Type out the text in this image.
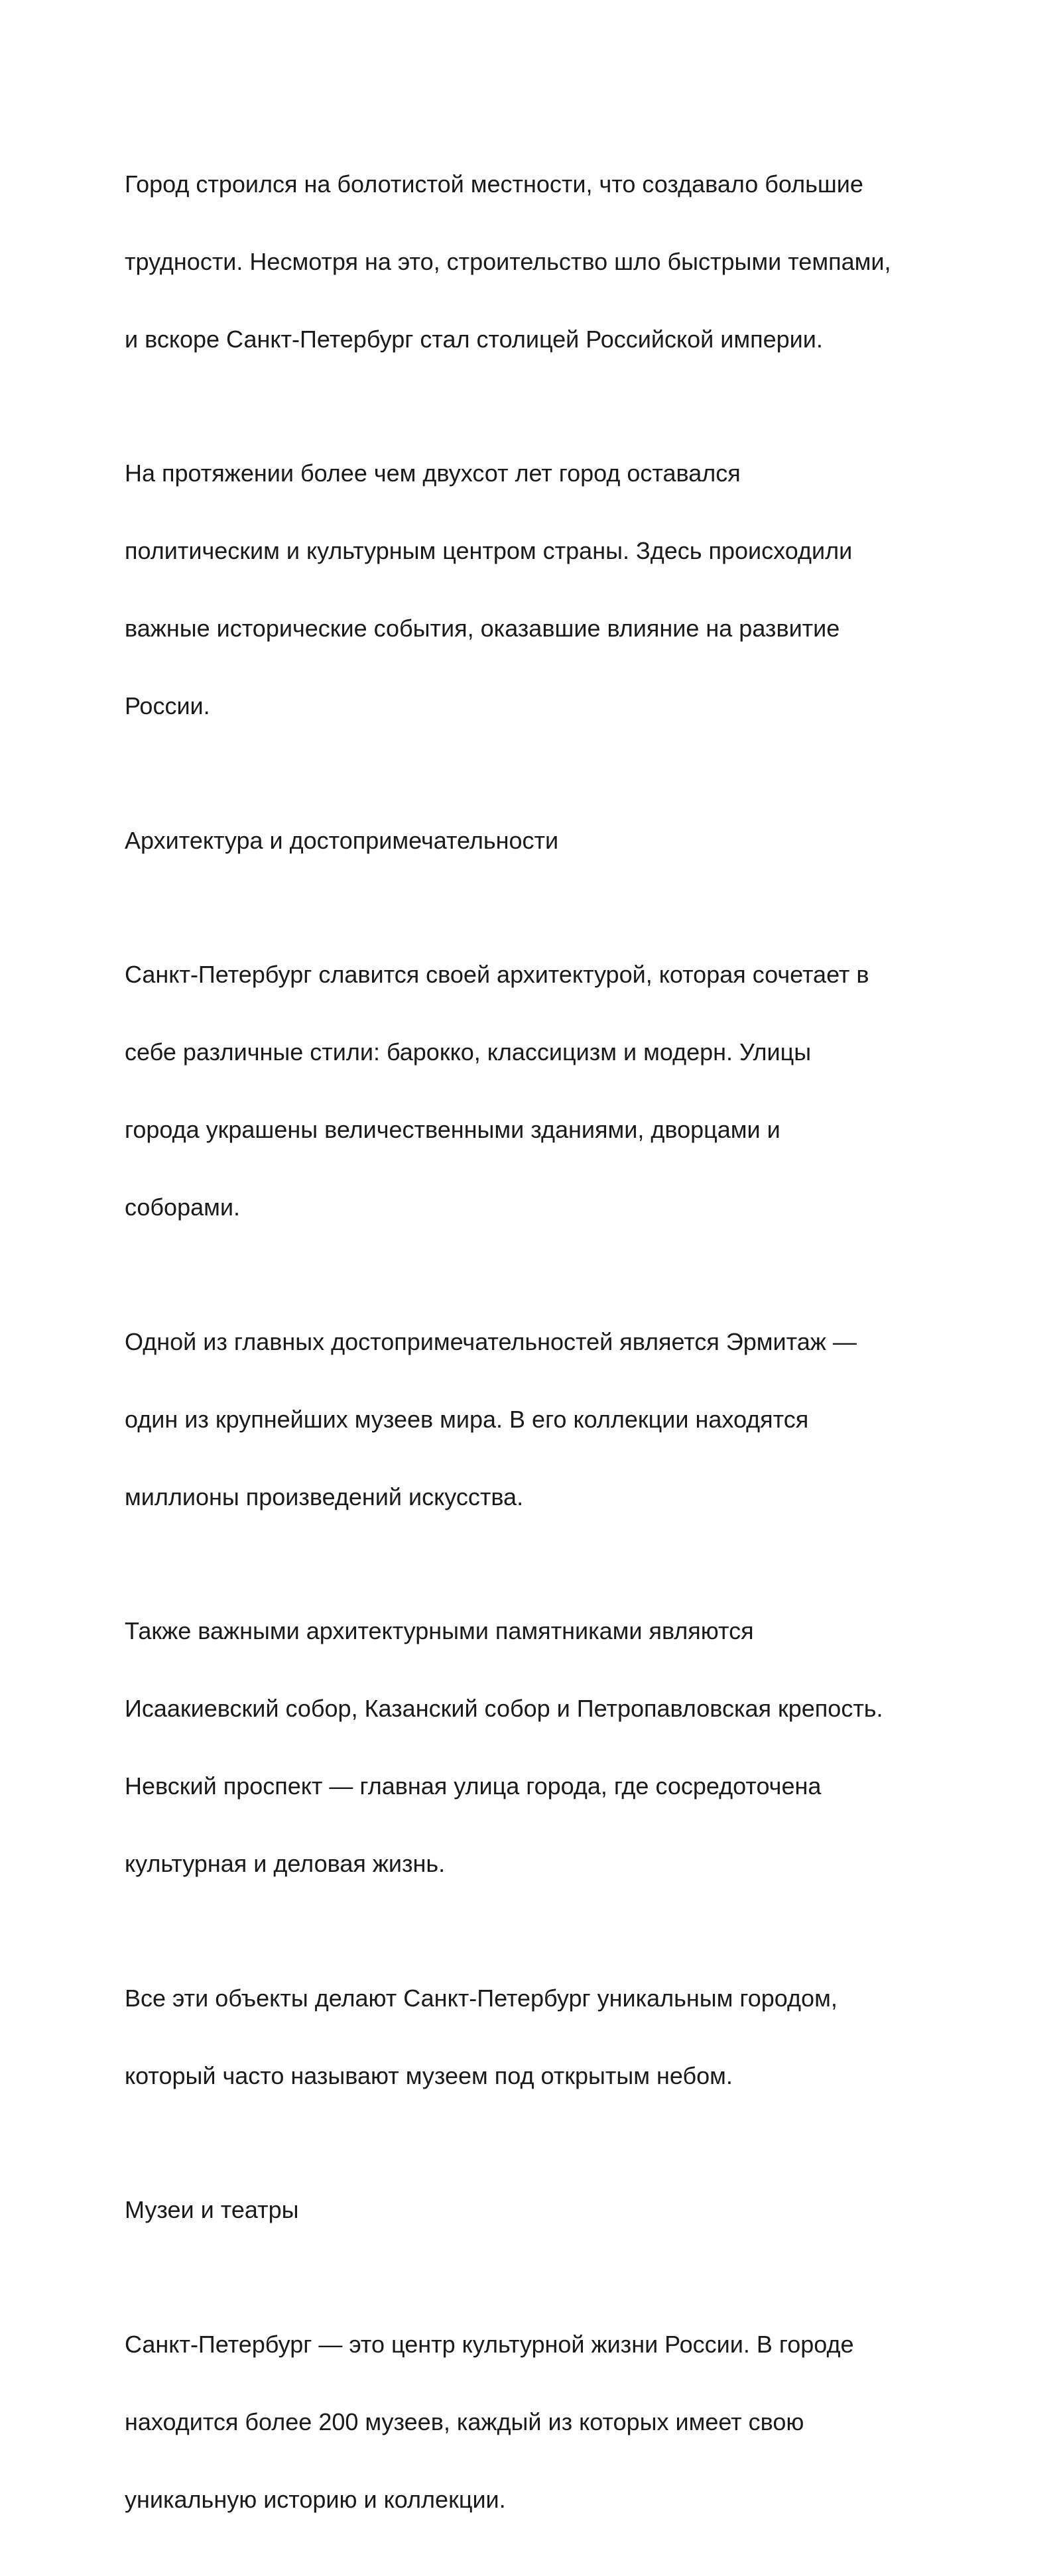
Город строился на болотистой местности, что создавало большие

трудности. Несмотря на это, строительство шло быстрыми темпами,

и вскоре Санкт-Петербург стал столицей Российской империи.

На протяжении более чем двухсот лет город оставался

политическим и культурным центром страны. Здесь происходили

важные исторические события, оказавшие влияние на развитие

России.

Архитектура и достопримечательности

Санкт-Петербург славится своей архитектурой, которая сочетает в

себе различные стили: барокко, классицизм и модерн. Улицы

города украшены величественными зданиями, дворцами и

соборами.

Одной из главных достопримечательностей является Эрмитаж —

один из крупнейших музеев мира. В его коллекции находятся

миллионы произведений искусства.

Также важными архитектурными памятниками являются

Исаакиевский собор, Казанский собор и Петропавловская крепость.

Невский проспект — главная улица города, где сосредоточена

культурная и деловая жизнь.

Все эти объекты делают Санкт-Петербург уникальным городом,

который часто называют музеем под открытым небом.

Музеи и театры

Санкт-Петербург — это центр культурной жизни России. В городе

находится более 200 музеев, каждый из которых имеет свою

уникальную историю и коллекции.
